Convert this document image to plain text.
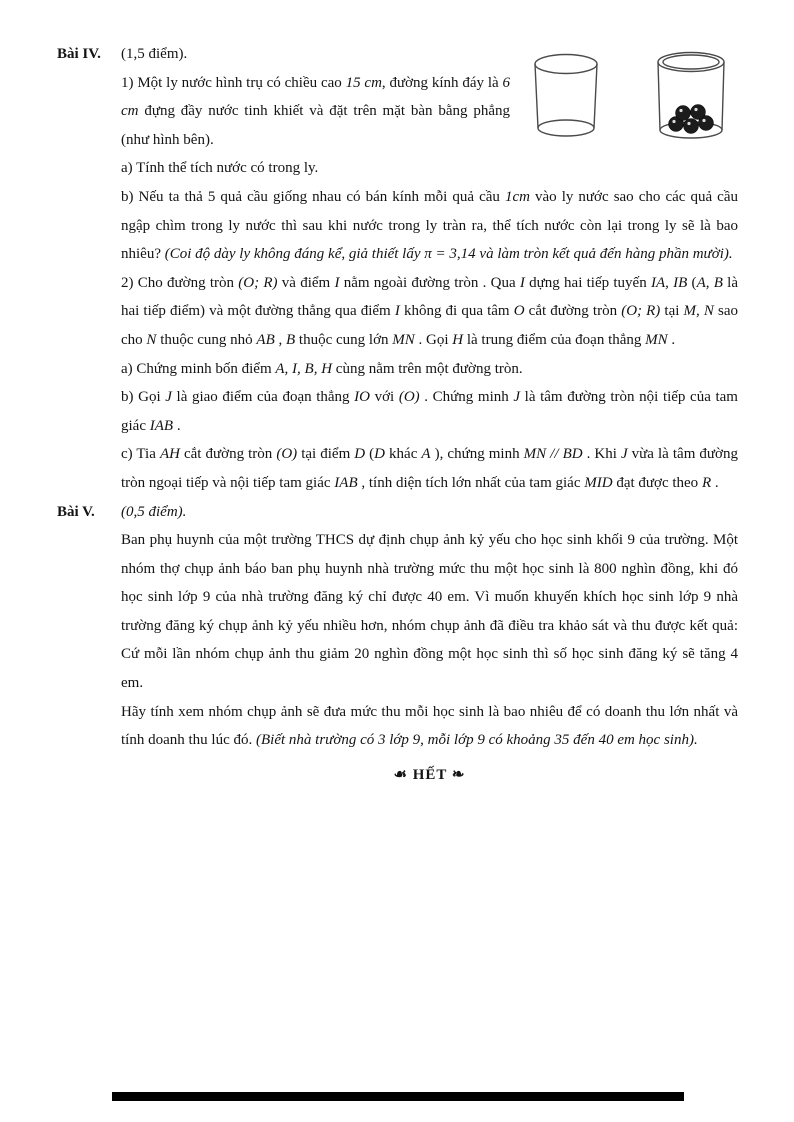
Bài IV. (1,5 điểm).
1) Một ly nước hình trụ có chiều cao 15 cm, đường kính đáy là 6 cm đựng đầy nước tinh khiết và đặt trên mặt bàn bằng phẳng (như hình bên).
a) Tính thể tích nước có trong ly.
b) Nếu ta thả 5 quả cầu giống nhau có bán kính mỗi quả cầu 1cm vào ly nước sao cho các quả cầu ngập chìm trong ly nước thì sau khi nước trong ly tràn ra, thể tích nước còn lại trong ly sẽ là bao nhiêu? (Coi độ dày ly không đáng kể, giả thiết lấy π = 3,14 và làm tròn kết quả đến hàng phần mười).
2) Cho đường tròn (O; R) và điểm I nằm ngoài đường tròn . Qua I dựng hai tiếp tuyến IA, IB (A, B là hai tiếp điểm) và một đường thẳng qua điểm I không đi qua tâm O cắt đường tròn (O; R) tại M, N sao cho N thuộc cung nhỏ AB , B thuộc cung lớn MN . Gọi H là trung điểm của đoạn thẳng MN .
a) Chứng minh bốn điểm A, I, B, H cùng nằm trên một đường tròn.
b) Gọi J là giao điểm của đoạn thẳng IO với (O) . Chứng minh J là tâm đường tròn nội tiếp của tam giác IAB .
c) Tia AH cắt đường tròn (O) tại điểm D (D khác A ), chứng minh MN // BD . Khi J vừa là tâm đường tròn ngoại tiếp và nội tiếp tam giác IAB , tính diện tích lớn nhất của tam giác MID đạt được theo R .
Bài V. (0,5 điểm).
Ban phụ huynh của một trường THCS dự định chụp ảnh kỷ yếu cho học sinh khối 9 của trường. Một nhóm thợ chụp ảnh báo ban phụ huynh nhà trường mức thu một học sinh là 800 nghìn đồng, khi đó học sinh lớp 9 của nhà trường đăng ký chỉ được 40 em. Vì muốn khuyến khích học sinh lớp 9 nhà trường đăng ký chụp ảnh kỷ yếu nhiều hơn, nhóm chụp ảnh đã điều tra khảo sát và thu được kết quả: Cứ mỗi lần nhóm chụp ảnh thu giảm 20 nghìn đồng một học sinh thì số học sinh đăng ký sẽ tăng 4 em.
Hãy tính xem nhóm chụp ảnh sẽ đưa mức thu mỗi học sinh là bao nhiêu để có doanh thu lớn nhất và tính doanh thu lúc đó. (Biết nhà trường có 3 lớp 9, mỗi lớp 9 có khoảng 35 đến 40 em học sinh).
☙ HẾT ❧
